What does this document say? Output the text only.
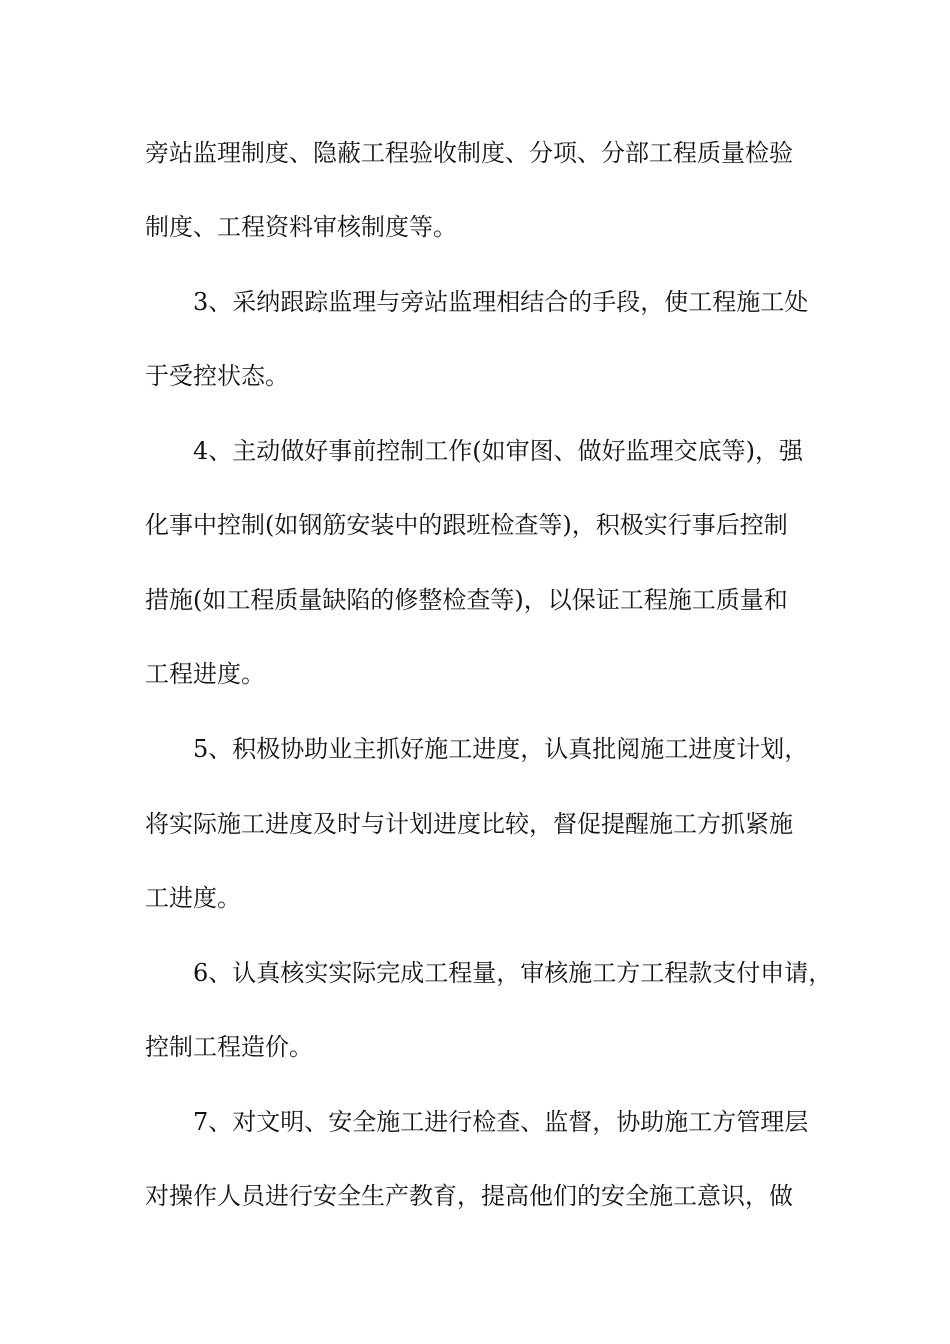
旁站监理制度、隐蔽工程验收制度、分项、分部工程质量检验
制度、工程资料审核制度等。
3、采纳跟踪监理与旁站监理相结合的手段，使工程施工处
于受控状态。
4、主动做好事前控制工作(如审图、做好监理交底等)，强
化事中控制(如钢筋安装中的跟班检查等)，积极实行事后控制
措施(如工程质量缺陷的修整检查等)，以保证工程施工质量和
工程进度。
5、积极协助业主抓好施工进度，认真批阅施工进度计划，
将实际施工进度及时与计划进度比较，督促提醒施工方抓紧施
工进度。
6、认真核实实际完成工程量，审核施工方工程款支付申请，
控制工程造价。
7、对文明、安全施工进行检查、监督，协助施工方管理层
对操作人员进行安全生产教育，提高他们的安全施工意识，做
